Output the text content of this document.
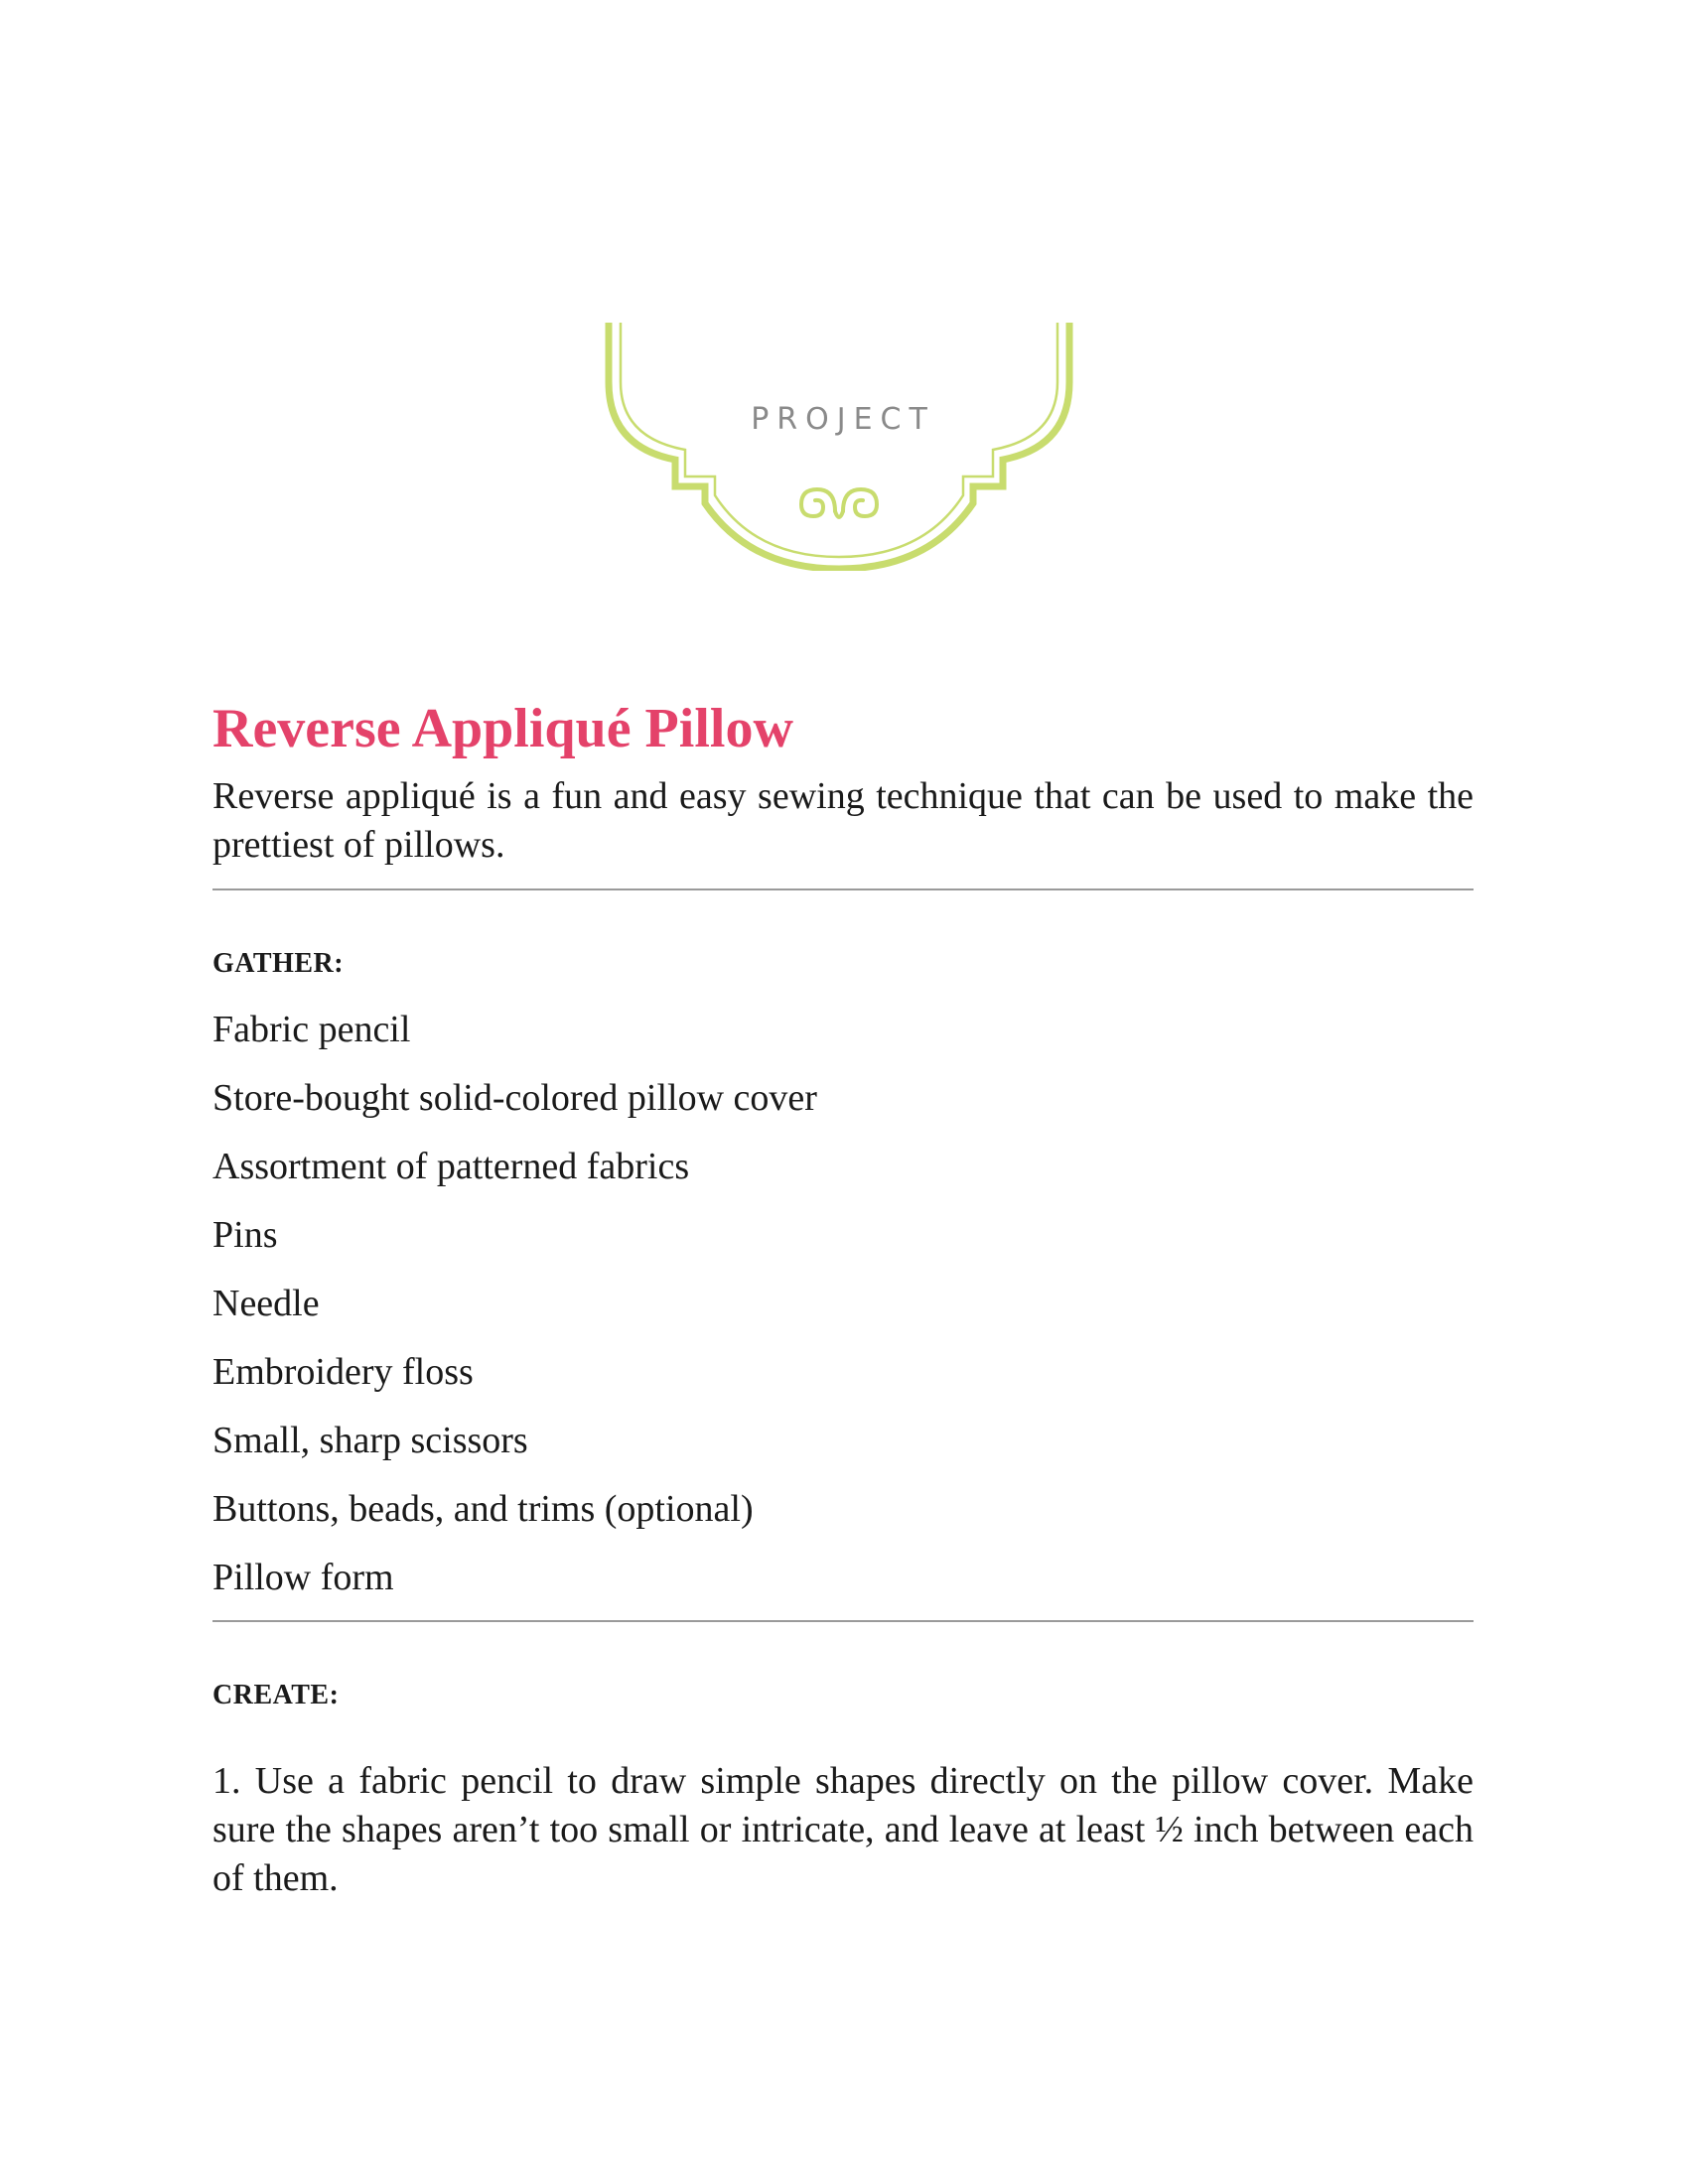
PROJECT
Reverse Appliqué Pillow

Reverse appliqué is a fun and easy sewing technique that can be used to make the prettiest of pillows.

GATHER:
Fabric pencil
Store-bought solid-colored pillow cover
Assortment of patterned fabrics
Pins
Needle
Embroidery floss
Small, sharp scissors
Buttons, beads, and trims (optional)
Pillow form
CREATE:

1. Use a fabric pencil to draw simple shapes directly on the pillow cover. Make sure the shapes aren’t too small or intricate, and leave at least ½ inch between each of them.
